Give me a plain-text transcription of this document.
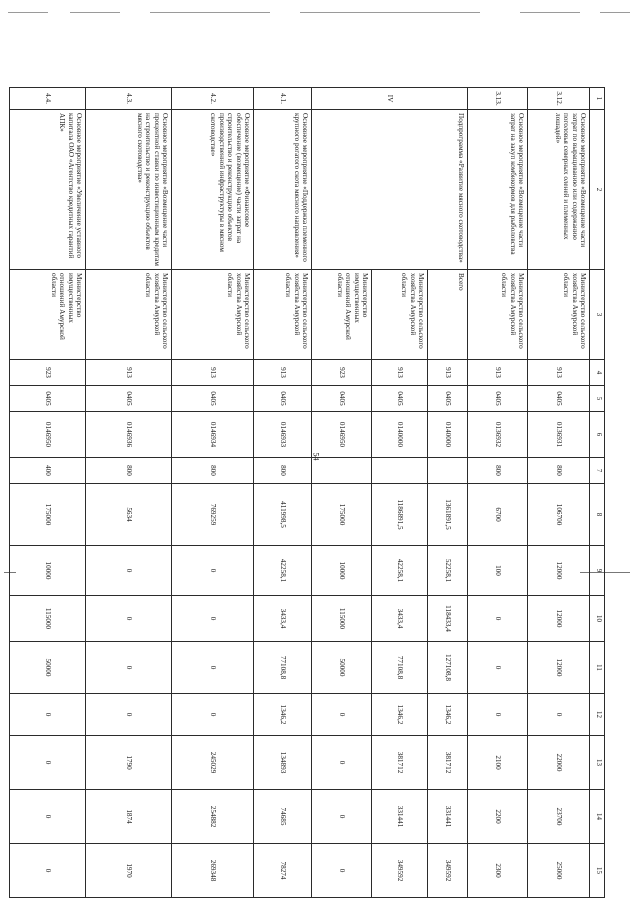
54
1	2	3	4	5	6	7	8	9	10	11	12	13	14	15
3.12.	Основное мероприятие «Возмещение части затрат по выращиванию или содержанию поголовья северных оленей и племенных лошадей»	Министерство сельского хозяйства Амурской области	913	0405	0136931	800	106700	12000	12000	12000	0	22000	23700	25000
3.13.	Основное мероприятие «Возмещение части затрат на закуп комбикормов для рыболовства	Министерство сельского хозяйства Амурской области	913	0405	0136932	800	6700	100	0	0	0	2100	2200	2300
IV	Подпрограмма «Развитие мясного скотоводства»	Всего	913	0405	0140000		1361891,5	52258,1	118433,4	127108,8	1346,2	381712	331441	349592
		Министерство сельского хозяйства Амурской области	913	0405	0140000		1186891,5	42258,1	3433,4	77108,8	1346,2	381712	331441	349592
		Министерство имущественных отношений Амурской области	923	0405	0146950		175000	10000	115000	50000	0	0	0	0
4.1.	Основное мероприятие «Поддержка племенного крупного рогатого скота мясного направления»	Министерство сельского хозяйства Амурской области	913	0405	0146933	800	411998,5	42258,1	3433,4	77108,8	1346,2	134893	74685	78274
4.2.	Основное мероприятие «Финансовое обеспечение (возмещение) части затрат на строительство и реконструкцию объектов производственной инфраструктуры в мясном скотоводстве»	Министерство сельского хозяйства Амурской области	913	0405	0146934	800	769259	0	0	0	0	245029	254882	269348
4.3.	Основное мероприятие «Возмещение части процентной ставки по инвестиционным кредитам на строительство и реконструкцию объектов мясного скотоводства»	Министерство сельского хозяйства Амурской области	913	0405	0146936	800	5634	0	0	0	0	1790	1874	1970
4.4.	Основное мероприятие «Увеличение уставного капитала ОАО «Агентство кредитных гарантий АПК»	Министерство имущественных отношений Амурской области	923	0405	0146950	400	175000	10000	115000	50000	0	0	0	0
